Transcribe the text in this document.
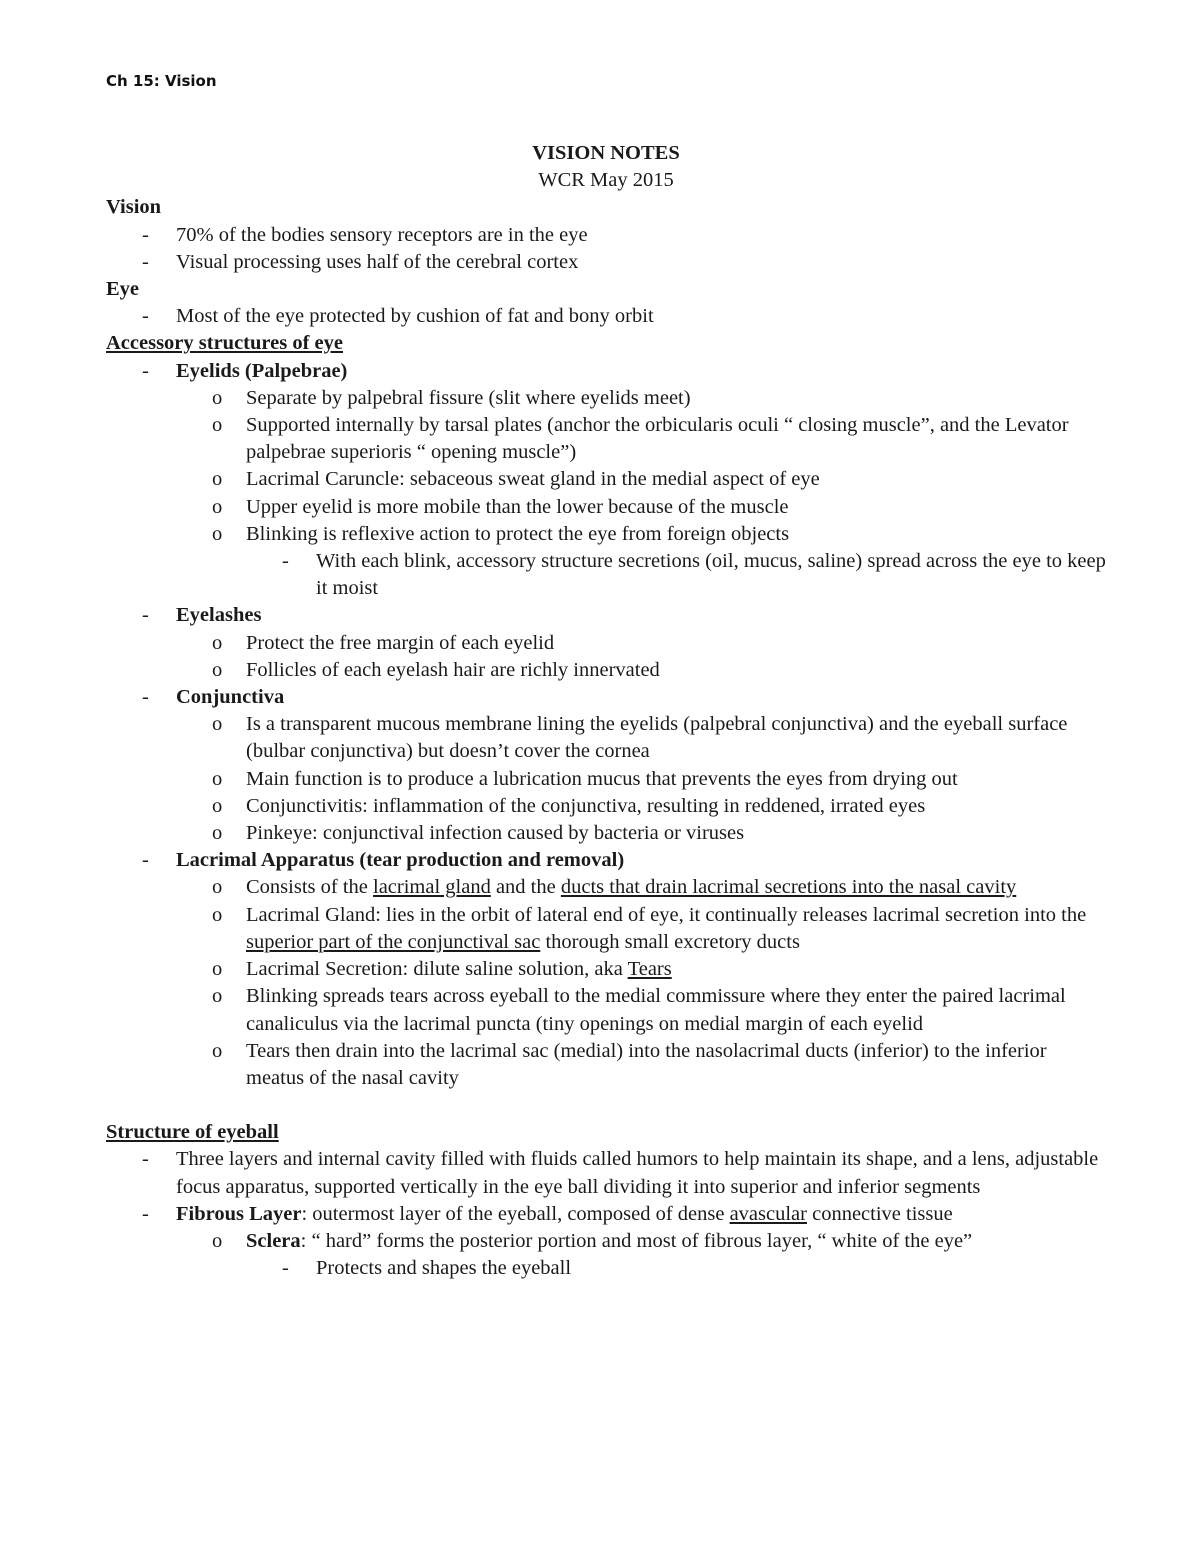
Ch 15: Vision
VISION NOTES
WCR May 2015
Vision
-	70% of the bodies sensory receptors are in the eye
-	Visual processing uses half of the cerebral cortex
Eye
-	Most of the eye protected by cushion of fat and bony orbit
Accessory structures of eye
-	Eyelids (Palpebrae)
o	Separate by palpebral fissure (slit where eyelids meet)
o	Supported internally by tarsal plates (anchor the orbicularis oculi “ closing muscle”, and the Levator palpebrae superioris “ opening muscle”)
o	Lacrimal Caruncle: sebaceous sweat gland in the medial aspect of eye
o	Upper eyelid is more mobile than the lower because of the muscle
o	Blinking is reflexive action to protect the eye from foreign objects
-	With each blink, accessory structure secretions (oil, mucus, saline) spread across the eye to keep it moist
-	Eyelashes
o	Protect the free margin of each eyelid
o	Follicles of each eyelash hair are richly innervated
-	Conjunctiva
o	Is a transparent mucous membrane lining the eyelids (palpebral conjunctiva) and the eyeball surface (bulbar conjunctiva) but doesn’t cover the cornea
o	Main function is to produce a lubrication mucus that prevents the eyes from drying out
o	Conjunctivitis: inflammation of the conjunctiva, resulting in reddened, irrated eyes
o	Pinkeye: conjunctival infection caused by bacteria or viruses
-	Lacrimal Apparatus (tear production and removal)
o	Consists of the lacrimal gland and the ducts that drain lacrimal secretions into the nasal cavity
o	Lacrimal Gland: lies in the orbit of lateral end of eye, it continually releases lacrimal secretion into the superior part of the conjunctival sac thorough small excretory ducts
o	Lacrimal Secretion: dilute saline solution, aka Tears
o	Blinking spreads tears across eyeball to the medial commissure where they enter the paired lacrimal canaliculus via the lacrimal puncta (tiny openings on medial margin of each eyelid
o	Tears then drain into the lacrimal sac (medial) into the nasolacrimal ducts (inferior) to the inferior meatus of the nasal cavity
Structure of eyeball
-	Three layers and internal cavity filled with fluids called humors to help maintain its shape, and a lens, adjustable focus apparatus, supported vertically in the eye ball dividing it into superior and inferior segments
-	Fibrous Layer: outermost layer of the eyeball, composed of dense avascular connective tissue
o	Sclera: “ hard” forms the posterior portion and most of fibrous layer, “ white of the eye”
-	Protects and shapes the eyeball
